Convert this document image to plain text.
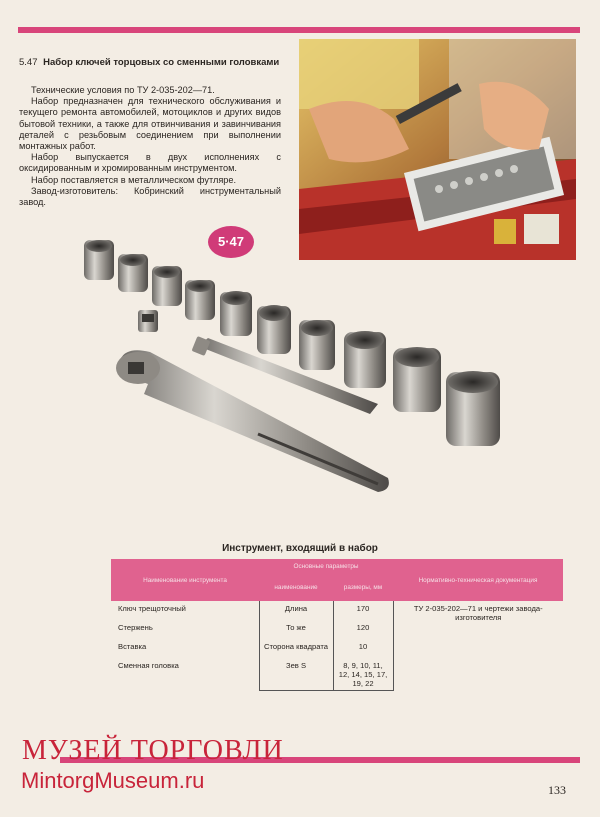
5.47 Набор ключей торцовых со сменными головками

Технические условия по ТУ 2-035-202—71.

Набор предназначен для технического обслуживания и текущего ремонта автомобилей, мотоциклов и других видов бытовой техники, а также для отвинчивания и завинчивания деталей с резьбовым соединением при выполнении монтажных работ.

Набор выпускается в двух исполнениях с оксидированным и хромированным инструментом.

Набор поставляется в металлическом футляре.

Завод-изготовитель: Кобринский инструментальный завод.

5·47
Инструмент, входящий в набор
Наименование инструмента	Основные параметры		Нормативно-техническая документация
	наименование	размеры, мм	
Ключ трещоточный	Длина	170	ТУ 2-035-202—71 и чертежи завода-изготовителя
Стержень	То же	120	
Вставка	Сторона квадрата	10	
Сменная головка	Зев S	8, 9, 10, 11, 12, 14, 15, 17, 19, 22	
МУЗЕЙ ТОРГОВЛИ
MintorgMuseum.ru	133
